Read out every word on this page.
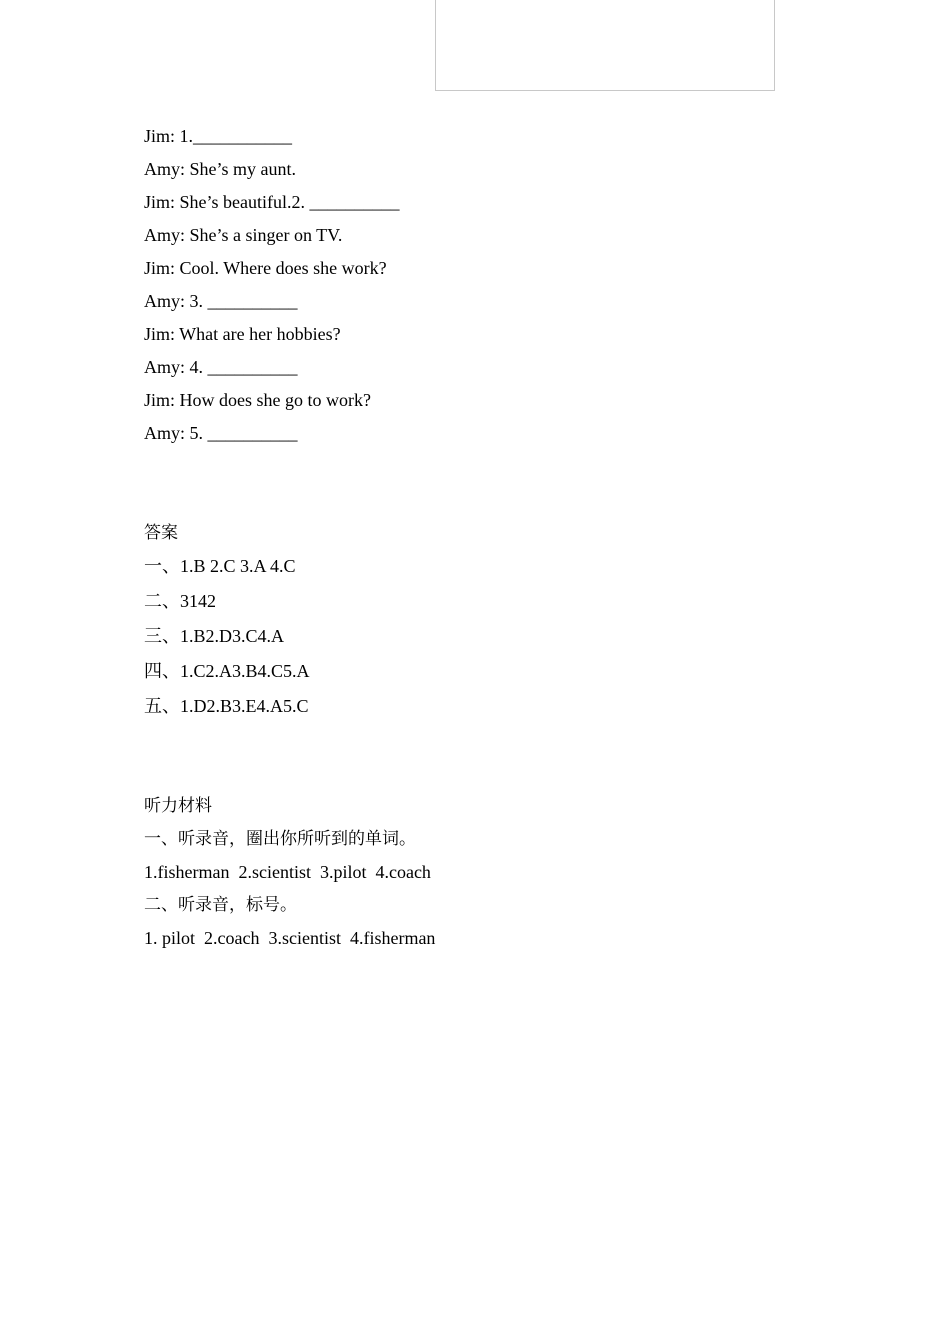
Jim: 1.___________
Amy: She’s my aunt.
Jim: She’s beautiful.2. __________
Amy: She’s a singer on TV.
Jim: Cool. Where does she work?
Amy: 3. __________
Jim: What are her hobbies?
Amy: 4. __________
Jim: How does she go to work?
Amy: 5. __________
答案
一、1.B 2.C 3.A 4.C
二、3142
三、1.B2.D3.C4.A
四、1.C2.A3.B4.C5.A
五、1.D2.B3.E4.A5.C
听力材料
一、听录音，圈出你所听到的单词。
1.fisherman  2.scientist  3.pilot  4.coach
二、听录音，标号。
1. pilot  2.coach  3.scientist  4.fisherman
